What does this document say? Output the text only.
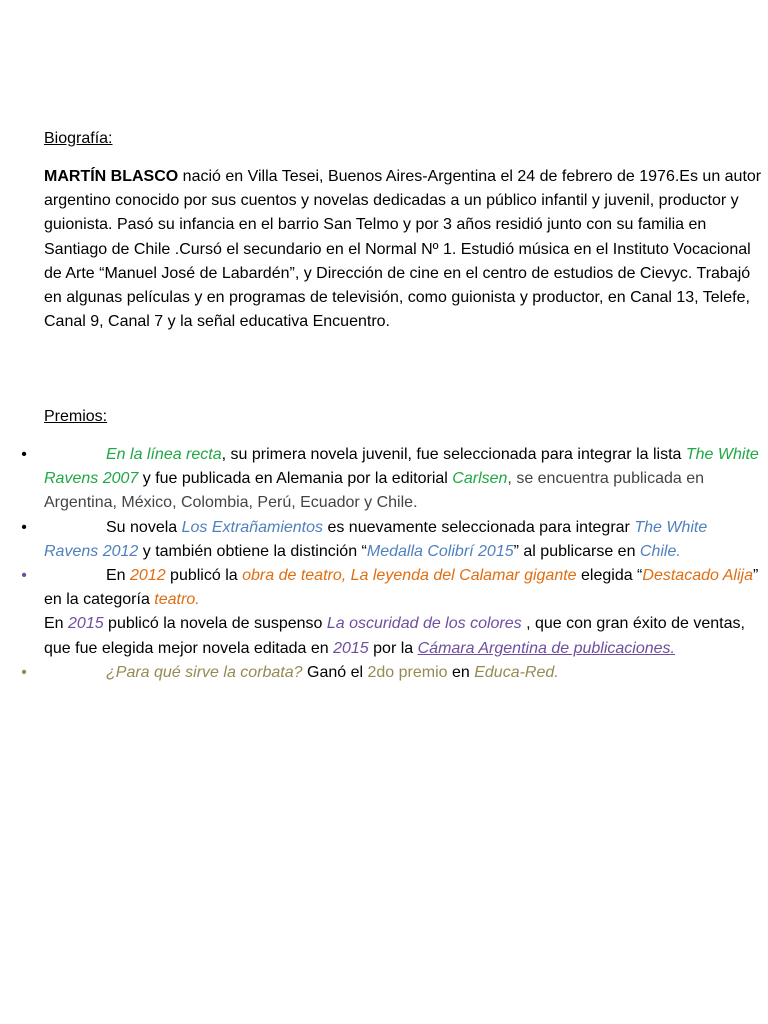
Biografía:

MARTÍN BLASCO nació en Villa Tesei, Buenos Aires-Argentina el 24 de febrero de 1976.Es un autor argentino conocido por sus cuentos y novelas dedicadas a un público infantil y juvenil, productor y guionista. Pasó su infancia en el barrio San Telmo y por 3 años residió junto con su familia en Santiago de Chile .Cursó el secundario en el Normal Nº 1. Estudió música en el Instituto Vocacional de Arte “Manuel José de Labardén”, y Dirección de cine en el centro de estudios de Cievyc. Trabajó en algunas películas y en programas de televisión, como guionista y productor, en Canal 13, Telefe, Canal 9, Canal 7 y la señal educativa Encuentro.

Premios:

•	En la línea recta, su primera novela juvenil, fue seleccionada para integrar la lista The White Ravens 2007 y fue publicada en Alemania por la editorial Carlsen, se encuentra publicada en Argentina, México, Colombia, Perú, Ecuador y Chile.
•	Su novela Los Extrañamientos es nuevamente seleccionada para integrar The White Ravens 2012 y también obtiene la distinción “Medalla Colibrí 2015” al publicarse en Chile.
•	En 2012 publicó la obra de teatro, La leyenda del Calamar gigante elegida “Destacado Alija” en la categoría teatro.
En 2015 publicó la novela de suspenso La oscuridad de los colores , que con gran éxito de ventas, que fue elegida mejor novela editada en 2015 por la Cámara Argentina de publicaciones.
•	¿Para qué sirve la corbata? Ganó el 2do premio en Educa-Red.
